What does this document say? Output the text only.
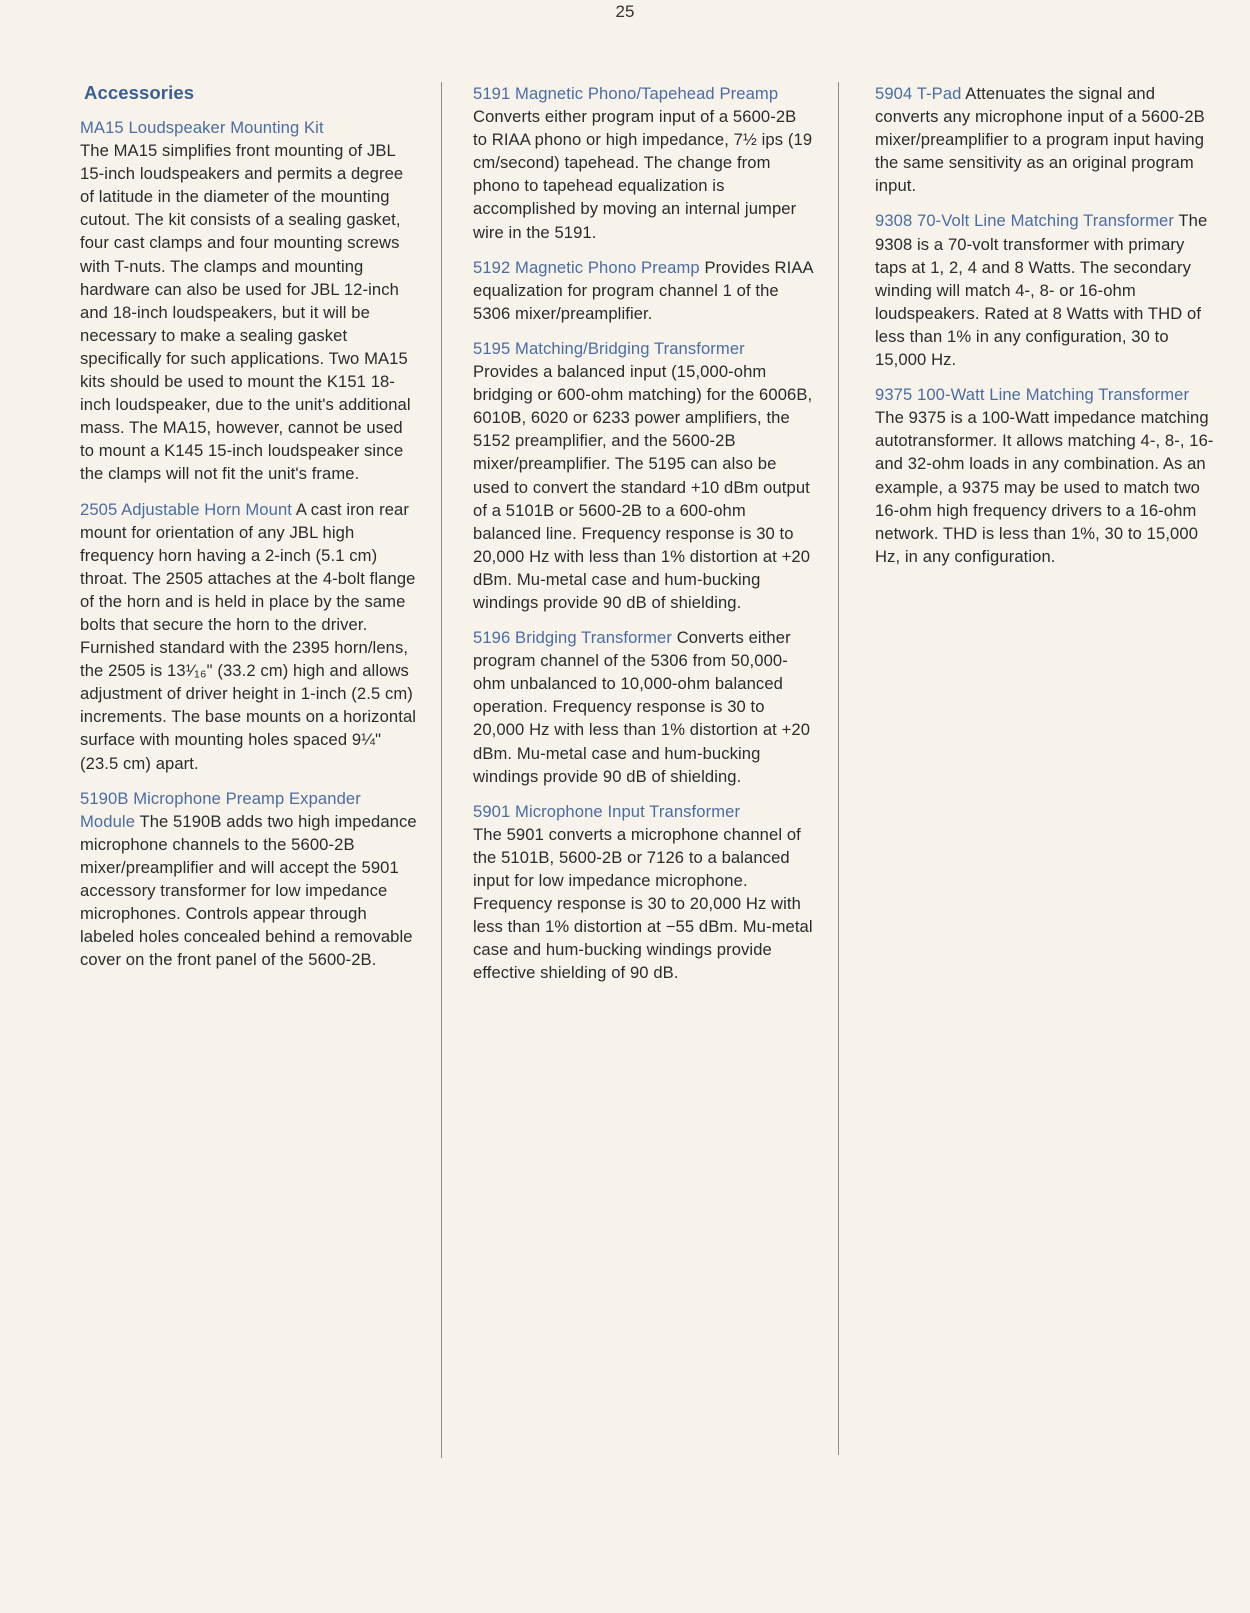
25
Accessories

MA15 Loudspeaker Mounting Kit
The MA15 simplifies front mounting of JBL 15-inch loudspeakers and permits a degree of latitude in the diameter of the mounting cutout. The kit consists of a sealing gasket, four cast clamps and four mounting screws with T-nuts. The clamps and mounting hardware can also be used for JBL 12-inch and 18-inch loudspeakers, but it will be necessary to make a sealing gasket specifically for such applications. Two MA15 kits should be used to mount the K151 18-inch loudspeaker, due to the unit's additional mass. The MA15, however, cannot be used to mount a K145 15-inch loudspeaker since the clamps will not fit the unit's frame.

2505 Adjustable Horn Mount A cast iron rear mount for orientation of any JBL high frequency horn having a 2-inch (5.1 cm) throat. The 2505 attaches at the 4-bolt flange of the horn and is held in place by the same bolts that secure the horn to the driver. Furnished standard with the 2395 horn/lens, the 2505 is 13¹⁄₁₆" (33.2 cm) high and allows adjustment of driver height in 1-inch (2.5 cm) increments. The base mounts on a horizontal surface with mounting holes spaced 9¼" (23.5 cm) apart.

5190B Microphone Preamp Expander Module The 5190B adds two high impedance microphone channels to the 5600-2B mixer/preamplifier and will accept the 5901 accessory transformer for low impedance microphones. Controls appear through labeled holes concealed behind a removable cover on the front panel of the 5600-2B.

5191 Magnetic Phono/Tapehead Preamp Converts either program input of a 5600-2B to RIAA phono or high impedance, 7½ ips (19 cm/second) tapehead. The change from phono to tapehead equalization is accomplished by moving an internal jumper wire in the 5191.

5192 Magnetic Phono Preamp Provides RIAA equalization for program channel 1 of the 5306 mixer/preamplifier.

5195 Matching/Bridging Transformer Provides a balanced input (15,000-ohm bridging or 600-ohm matching) for the 6006B, 6010B, 6020 or 6233 power amplifiers, the 5152 preamplifier, and the 5600-2B mixer/preamplifier. The 5195 can also be used to convert the standard +10 dBm output of a 5101B or 5600-2B to a 600-ohm balanced line. Frequency response is 30 to 20,000 Hz with less than 1% distortion at +20 dBm. Mu-metal case and hum-bucking windings provide 90 dB of shielding.

5196 Bridging Transformer Converts either program channel of the 5306 from 50,000-ohm unbalanced to 10,000-ohm balanced operation. Frequency response is 30 to 20,000 Hz with less than 1% distortion at +20 dBm. Mu-metal case and hum-bucking windings provide 90 dB of shielding.

5901 Microphone Input Transformer
The 5901 converts a microphone channel of the 5101B, 5600-2B or 7126 to a balanced input for low impedance microphone. Frequency response is 30 to 20,000 Hz with less than 1% distortion at −55 dBm. Mu-metal case and hum-bucking windings provide effective shielding of 90 dB.

5904 T-Pad Attenuates the signal and converts any microphone input of a 5600-2B mixer/preamplifier to a program input having the same sensitivity as an original program input.

9308 70-Volt Line Matching Transformer The 9308 is a 70-volt transformer with primary taps at 1, 2, 4 and 8 Watts. The secondary winding will match 4-, 8- or 16-ohm loudspeakers. Rated at 8 Watts with THD of less than 1% in any configuration, 30 to 15,000 Hz.

9375 100-Watt Line Matching Transformer The 9375 is a 100-Watt impedance matching autotransformer. It allows matching 4-, 8-, 16- and 32-ohm loads in any combination. As an example, a 9375 may be used to match two 16-ohm high frequency drivers to a 16-ohm network. THD is less than 1%, 30 to 15,000 Hz, in any configuration.
